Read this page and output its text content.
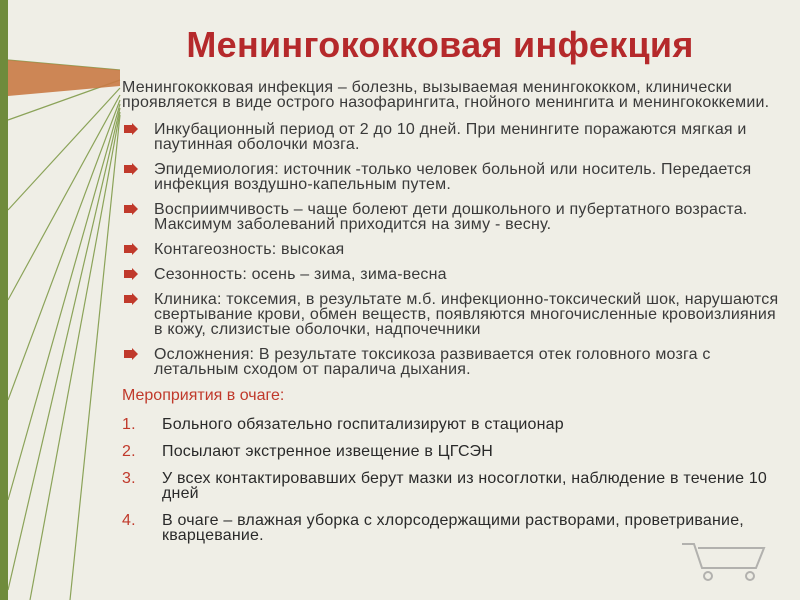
Менингококковая инфекция

Менингококковая инфекция – болезнь, вызываемая менингококком, клинически проявляется в виде острого назофарингита, гнойного менингита и менингококкемии.

Инкубационный период от 2 до 10 дней. При менингите поражаются мягкая и паутинная оболочки мозга.
Эпидемиология: источник -только человек больной или носитель. Передается инфекция воздушно-капельным путем.
Восприимчивость – чаще болеют дети дошкольного и пубертатного возраста. Максимум заболеваний приходится на зиму - весну.
Контагеозность: высокая
Сезонность: осень – зима, зима-весна
Клиника: токсемия, в результате м.б. инфекционно-токсический шок, нарушаются свертывание крови, обмен веществ, появляются многочисленные кровоизлияния в кожу, слизистые оболочки, надпочечники
Осложнения: В результате токсикоза развивается отек головного мозга с летальным сходом от паралича дыхания.
Мероприятия в очаге:
1. Больного обязательно госпитализируют в стационар
2. Посылают экстренное извещение в ЦГСЭН
3. У всех контактировавших берут мазки из носоглотки, наблюдение в течение 10 дней
4. В очаге – влажная уборка с хлорсодержащими растворами, проветривание, кварцевание.
